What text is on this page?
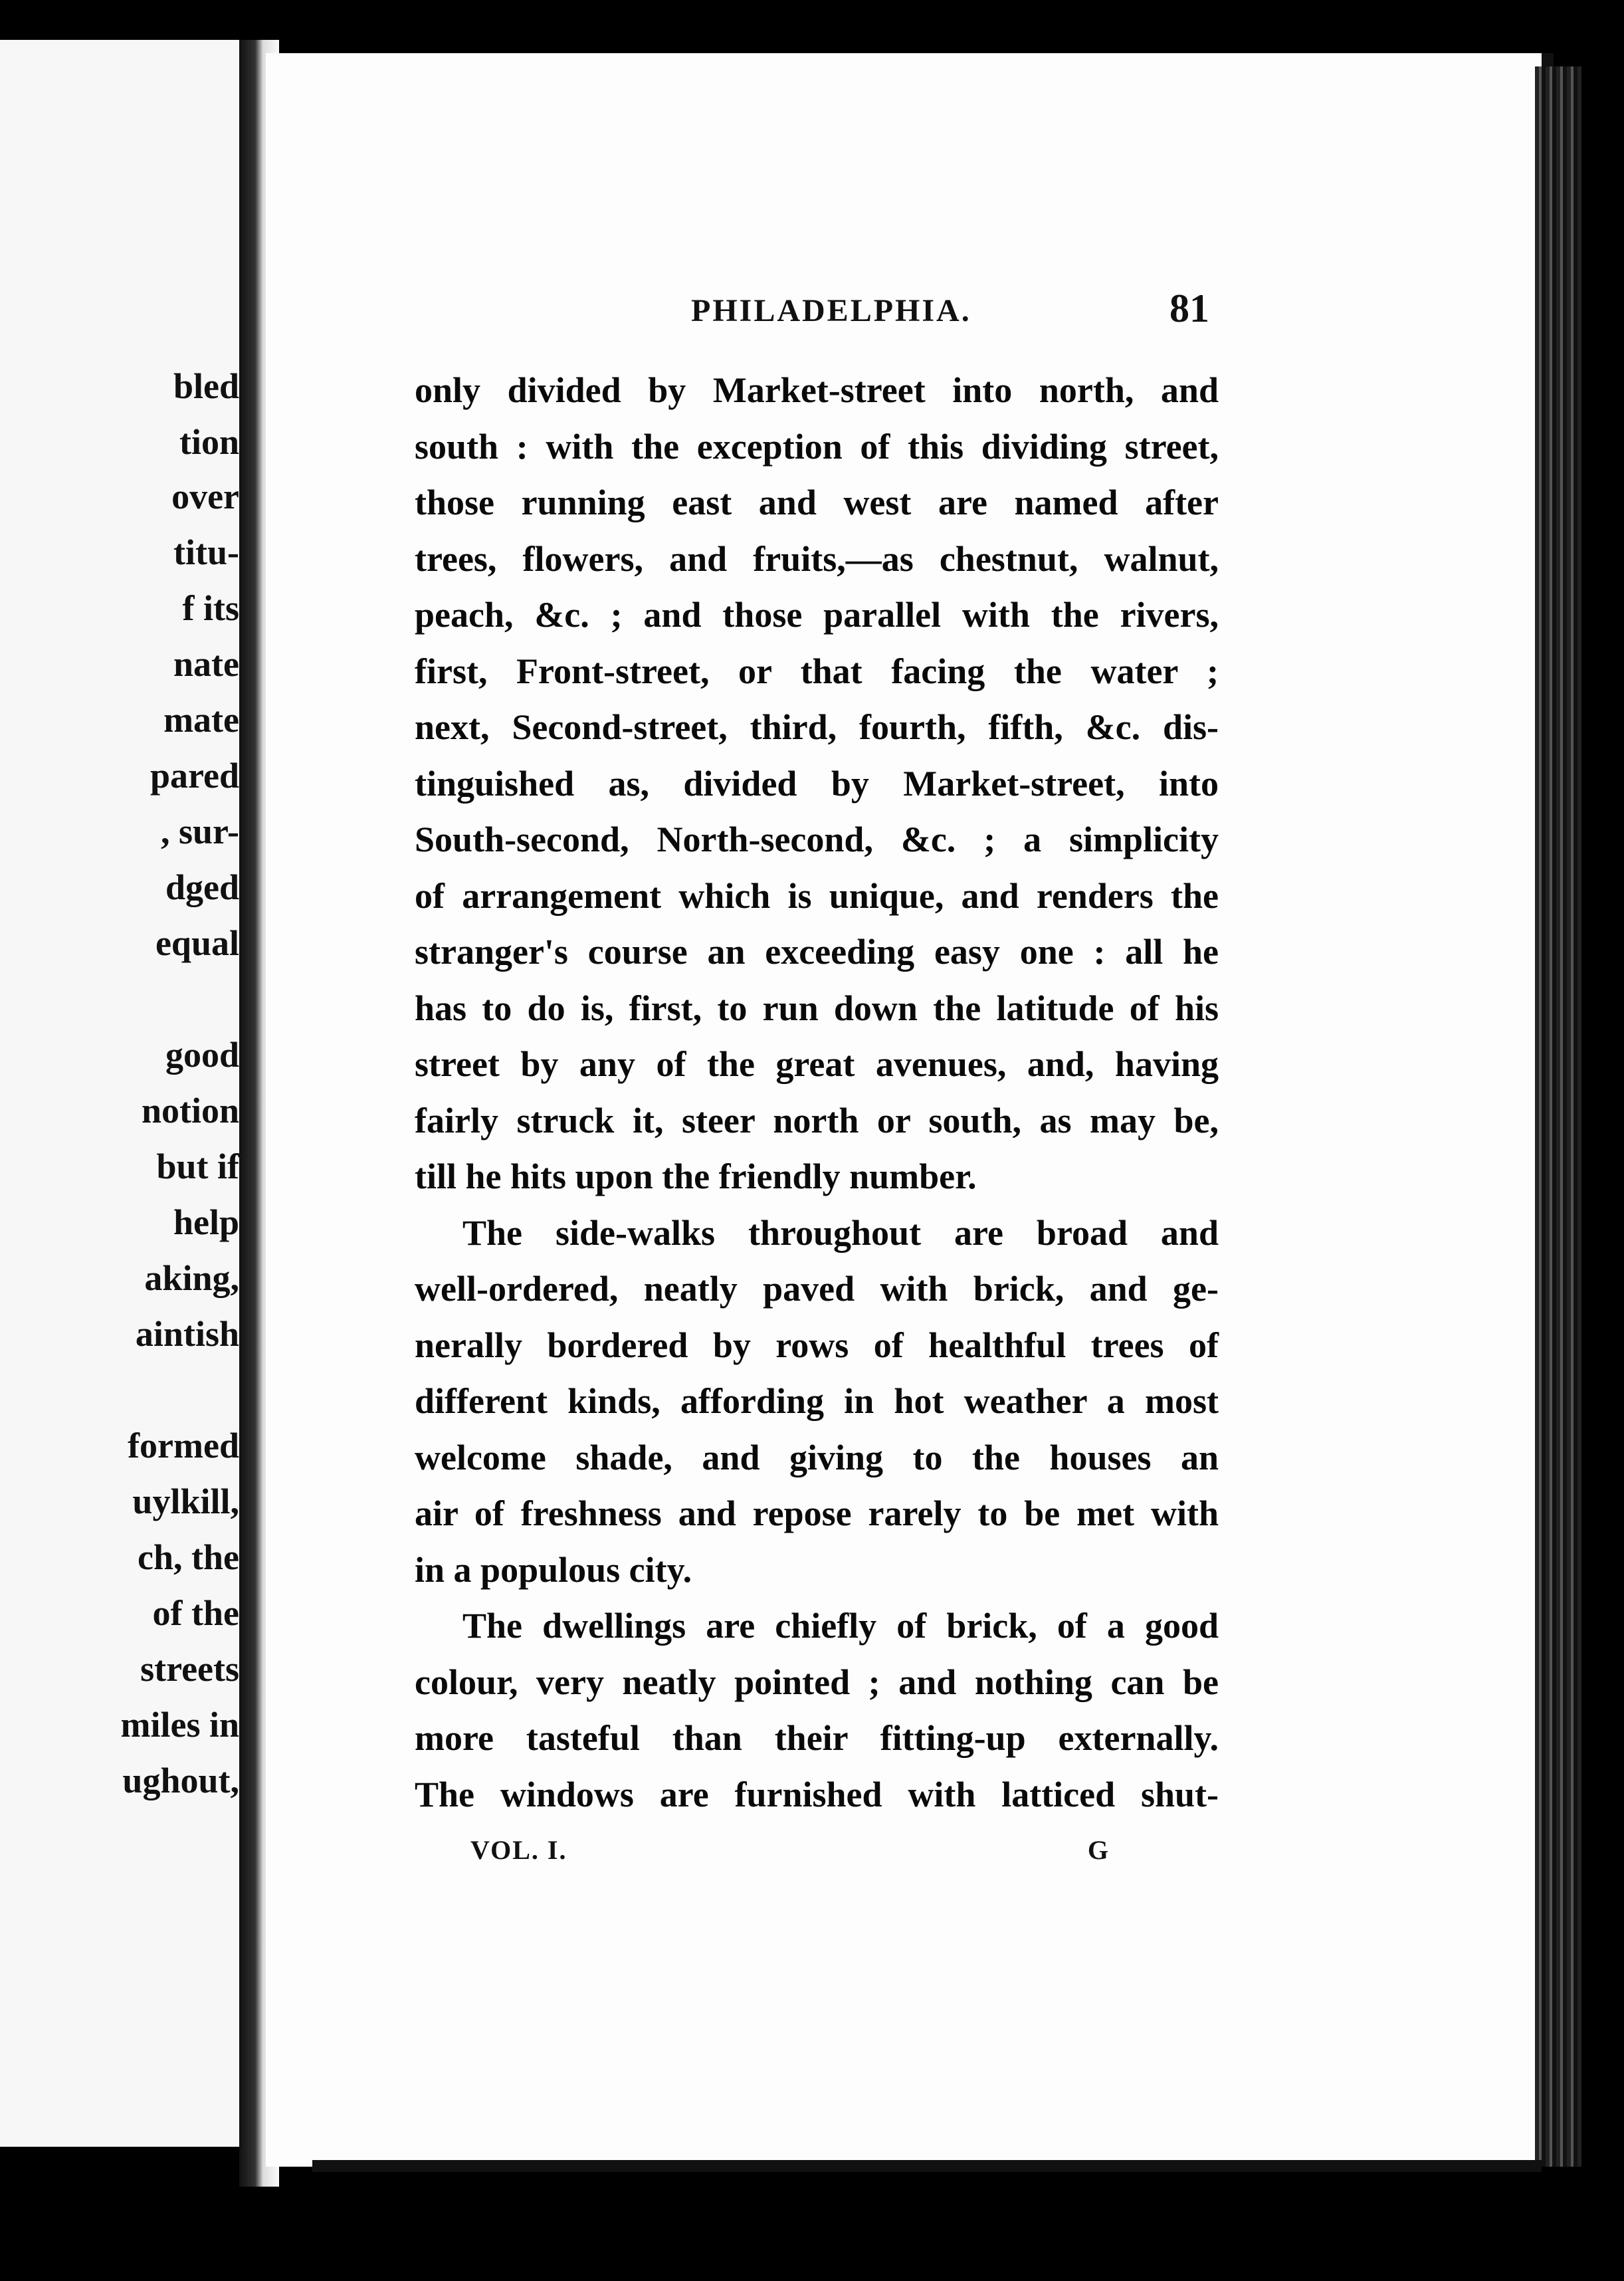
bled
tion
over
titu-
f its
nate
mate
pared
, sur-
dged
equal
good
notion
but if
help
aking,
aintish
formed
uylkill,
ch, the
of the
streets
miles in
ughout,
PHILADELPHIA.	81
only divided by Market-street into north, and
south : with the exception of this dividing street,
those running east and west are named after
trees, flowers, and fruits,—as chestnut, walnut,
peach, &c. ; and those parallel with the rivers,
first, Front-street, or that facing the water ;
next, Second-street, third, fourth, fifth, &c. dis-
tinguished as, divided by Market-street, into
South-second, North-second, &c. ; a simplicity
of arrangement which is unique, and renders the
stranger's course an exceeding easy one : all he
has to do is, first, to run down the latitude of his
street by any of the great avenues, and, having
fairly struck it, steer north or south, as may be,
till he hits upon the friendly number.
The side-walks throughout are broad and
well-ordered, neatly paved with brick, and ge-
nerally bordered by rows of healthful trees of
different kinds, affording in hot weather a most
welcome shade, and giving to the houses an
air of freshness and repose rarely to be met with
in a populous city.
The dwellings are chiefly of brick, of a good
colour, very neatly pointed ; and nothing can be
more tasteful than their fitting-up externally.
The windows are furnished with latticed shut-
VOL. I.	G
